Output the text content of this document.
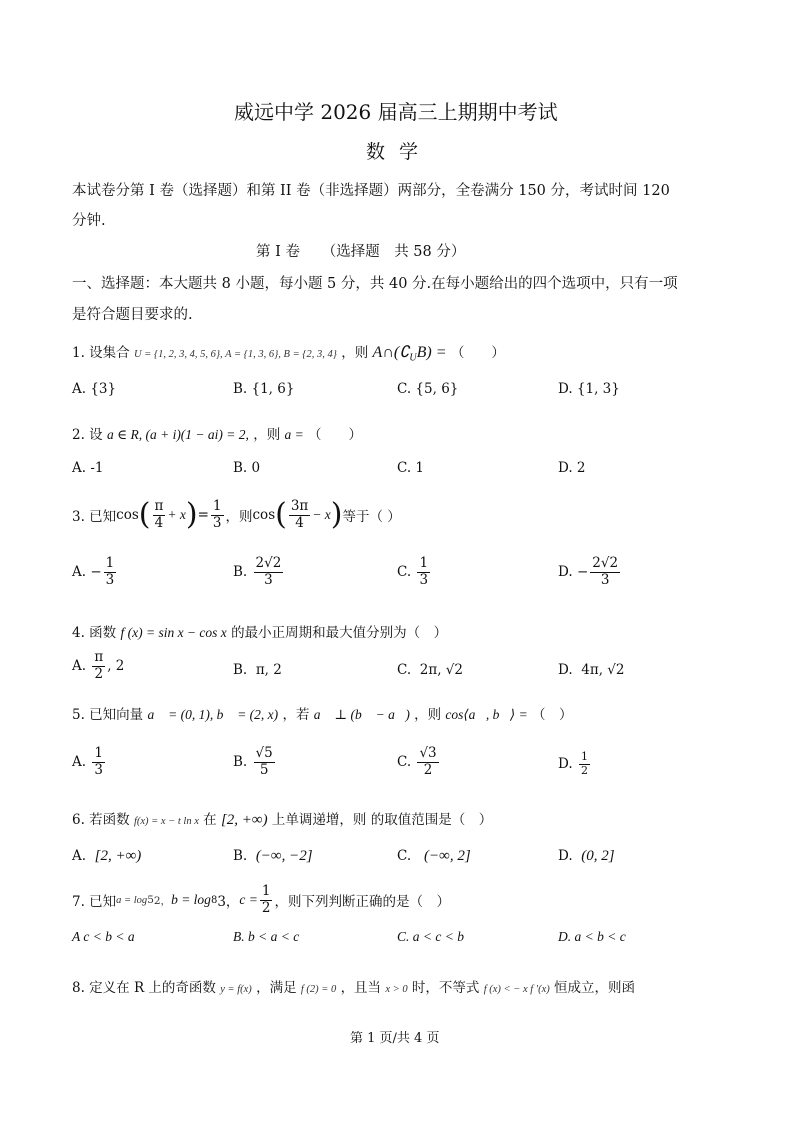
威远中学 2026 届高三上期期中考试
数学
本试卷分第 I 卷（选择题）和第 II 卷（非选择题）两部分，全卷满分 150 分，考试时间 120
分钟.
第 I 卷　　（选择题　共 58 分）
一、选择题：本大题共 8 小题，每小题 5 分，共 40 分.在每小题给出的四个选项中，只有一项
是符合题目要求的.
1. 设集合 U = {1, 2, 3, 4, 5, 6}, A = {1, 3, 6}, B = {2, 3, 4} ，则 $A\cap(∁_UB)$ = （　　）
A. {3}	B. {1, 6}	C. {5, 6}	D. {1, 3}
2. 设 a ∈ R, (a + i)(1 − ai) = 2, ，则 a = （　　）
A. -1	B. 0	C. 1	D. 2
3. 已知 cos ( $\frac{\pi}{4} + x$ ) = $\frac{1}{3}$ ，则 cos ( $\frac{3\pi}{4} - x$ ) 等于（ ）
A.
− $\frac{1}{3}$	B.
$\frac{2√2}{3}$	C.
$\frac{1}{3}$	D.
− $\frac{2√2}{3}$
4. 函数 f (x) = sin x − cos x 的最小正周期和最大值分别为（　）
A.
$\frac{\pi}{2}$ , 2	B. π, 2	C. 2π, √2	D. 4π, √2
5. 已知向量 a⃗ = (0, 1), b⃗ = (2, x) ，若 a⃗ ⊥ (b⃗ − a⃗) ，则 cos⟨a⃗, b⃗⟩ = （　）
A.
$\frac{1}{3}$	B.
$\frac{√5}{5}$	C.
$\frac{√3}{2}$	D.
$\frac{1}{2}$
6. 若函数 f(x) = x − t ln x 在 [2, +∞) 上单调递增，则 的取值范围是（　）
A. [2, +∞)	B. (−∞, −2]	C. (−∞, 2]	D. (0, 2]
7. 已知 a = log 5 2， b = log 8 3， $c = \frac{1}{2}$ ，则下列判断正确的是（　）
A c < b < a	B. b < a < c	C. a < c < b	D. a < b < c
8. 定义在 R 上的奇函数 y = f(x) ，满足 f (2) = 0 ，且当 x > 0 时，不等式 f (x) < − x f ′(x) 恒成立，则函
第 1 页/共 4 页
